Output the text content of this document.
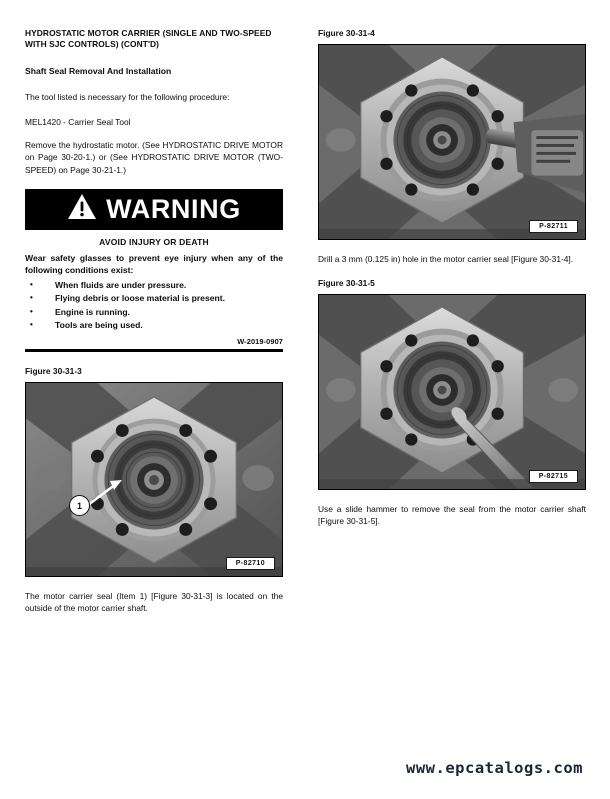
HYDROSTATIC MOTOR CARRIER (SINGLE AND TWO-SPEED WITH SJC CONTROLS) (CONT'D)
Shaft Seal Removal And Installation
The tool listed is necessary for the following procedure:
MEL1420 - Carrier Seal Tool
Remove the hydrostatic motor. (See HYDROSTATIC DRIVE MOTOR on Page 30-20-1.) or (See HYDROSTATIC DRIVE MOTOR (TWO-SPEED) on Page 30-21-1.)
WARNING
AVOID INJURY OR DEATH
Wear safety glasses to prevent eye injury when any of the following conditions exist:
• When fluids are under pressure.
• Flying debris or loose material is present.
• Engine is running.
• Tools are being used.
W-2019-0907
Figure 30-31-3
1
P-82710
The motor carrier seal (Item 1) [Figure 30-31-3] is located on the outside of the motor carrier shaft.
Figure 30-31-4
P-82711
Drill a 3 mm (0.125 in) hole in the motor carrier seal [Figure 30-31-4].
Figure 30-31-5
P-82715
Use a slide hammer to remove the seal from the motor carrier shaft [Figure 30-31-5].
www.epcatalogs.com
